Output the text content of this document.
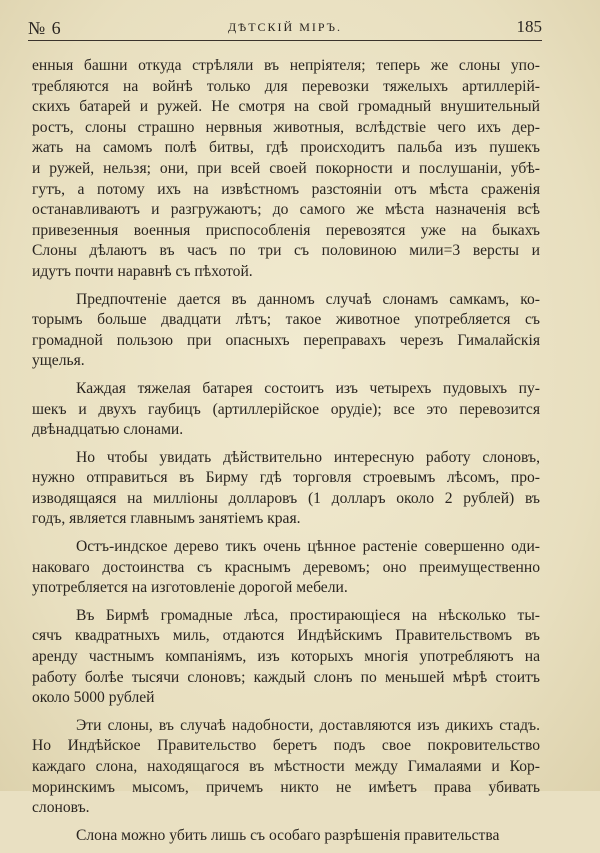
№ 6	ДѢТСКІЙ МІРЪ.	185
енныя башни откуда стрѣляли въ непріятеля; теперь же слоны упо-
требляются на войнѣ только для перевозки тяжелыхъ артиллерій-
скихъ батарей и ружей. Не смотря на свой громадный внушительный
ростъ, слоны страшно нервныя животныя, вслѣдствіе чего ихъ дер-
жать на самомъ полѣ битвы, гдѣ происходитъ пальба изъ пушекъ
и ружей, нельзя; они, при всей своей покорности и послушаніи, убѣ-
гутъ, а потому ихъ на извѣстномъ разстояніи отъ мѣста сраженія
останавливаютъ и разгружаютъ; до самого же мѣста назначенія всѣ
привезенныя военныя приспособленія перевозятся уже на быкахъ
Слоны дѣлаютъ въ часъ по три съ половиною мили=3 версты и
идутъ почти наравнѣ съ пѣхотой.
Предпочтеніе дается въ данномъ случаѣ слонамъ самкамъ, ко-
торымъ больше двадцати лѣтъ; такое животное употребляется съ
громадной пользою при опасныхъ переправахъ черезъ Гималайскія
ущелья.
Каждая тяжелая батарея состоитъ изъ четырехъ пудовыхъ пу-
шекъ и двухъ гаубицъ (артиллерійское орудіе); все это перевозится
двѣнадцатью слонами.
Но чтобы увидать дѣйствительно интересную работу слоновъ,
нужно отправиться въ Бирму гдѣ торговля строевымъ лѣсомъ, про-
изводящаяся на милліоны долларовъ (1 долларъ около 2 рублей) въ
годъ, является главнымъ занятіемъ края.
Остъ-индское дерево тикъ очень цѣнное растеніе совершенно оди-
наковаго достоинства съ краснымъ деревомъ; оно преимущественно
употребляется на изготовленіе дорогой мебели.
Въ Бирмѣ громадные лѣса, простирающіеся на нѣсколько ты-
сячъ квадратныхъ миль, отдаются Индѣйскимъ Правительствомъ въ
аренду частнымъ компаніямъ, изъ которыхъ многія употребляютъ на
работу болѣе тысячи слоновъ; каждый слонъ по меньшей мѣрѣ стоитъ
около 5000 рублей
Эти слоны, въ случаѣ надобности, доставляются изъ дикихъ стадъ.
Но Индѣйское Правительство беретъ подъ свое покровительство
каждаго слона, находящагося въ мѣстности между Гималаями и Кор-
моринскимъ мысомъ, причемъ никто не имѣетъ права убивать
слоновъ.
Слона можно убить лишь съ особаго разрѣшенія правительства
